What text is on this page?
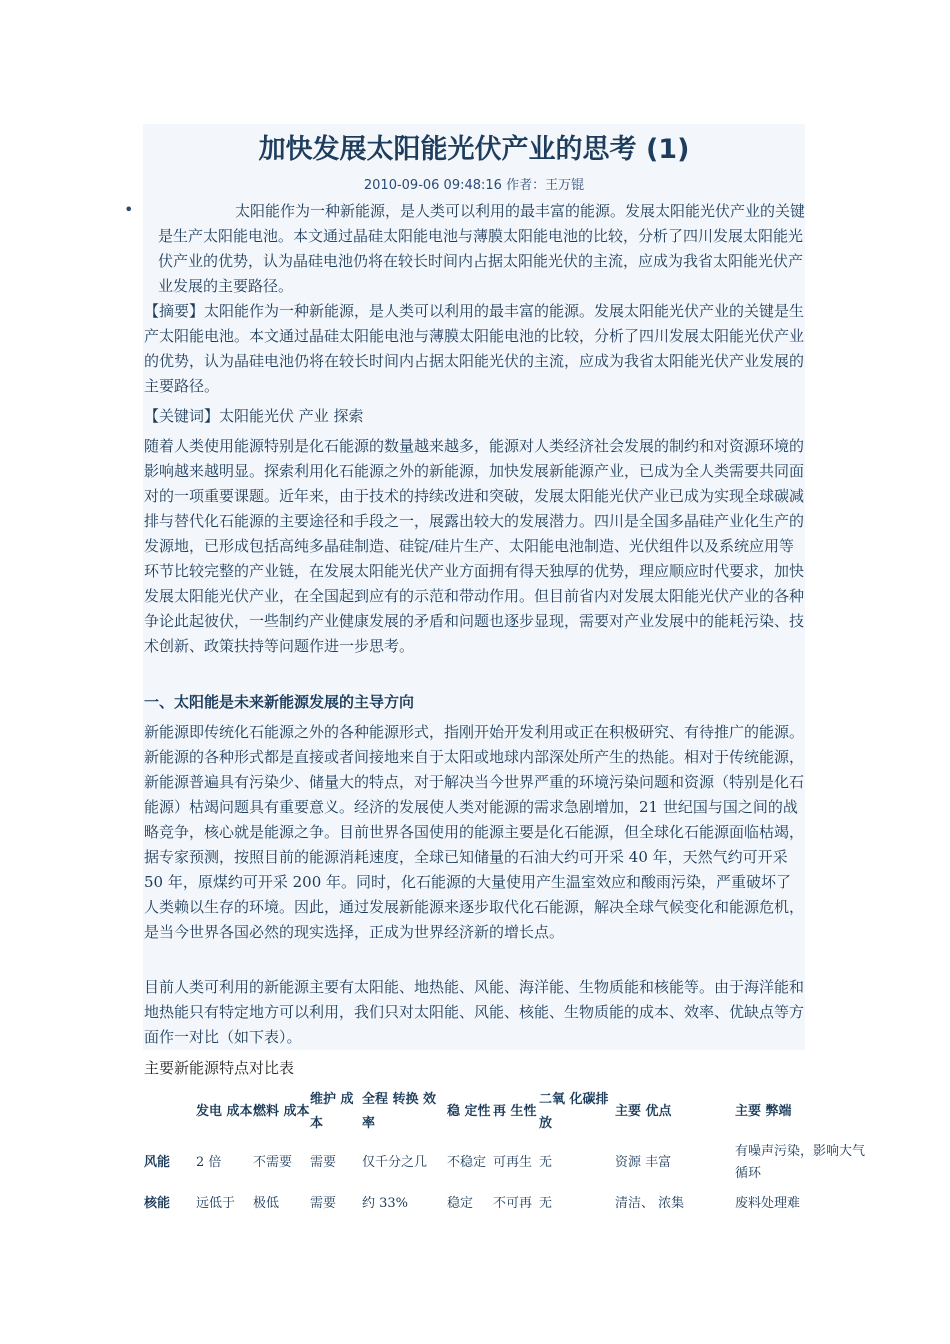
加快发展太阳能光伏产业的思考 (1)
2010-09-06 09:48:16 作者：王万锟
•	太阳能作为一种新能源，是人类可以利用的最丰富的能源。发展太阳能光伏产业的关键是生产太阳能电池。本文通过晶硅太阳能电池与薄膜太阳能电池的比较，分析了四川发展太阳能光伏产业的优势，认为晶硅电池仍将在较长时间内占据太阳能光伏的主流，应成为我省太阳能光伏产业发展的主要路径。

【摘要】太阳能作为一种新能源，是人类可以利用的最丰富的能源。发展太阳能光伏产业的关键是生产太阳能电池。本文通过晶硅太阳能电池与薄膜太阳能电池的比较，分析了四川发展太阳能光伏产业的优势，认为晶硅电池仍将在较长时间内占据太阳能光伏的主流，应成为我省太阳能光伏产业发展的主要路径。

【关键词】太阳能光伏 产业 探索

随着人类使用能源特别是化石能源的数量越来越多，能源对人类经济社会发展的制约和对资源环境的影响越来越明显。探索利用化石能源之外的新能源，加快发展新能源产业，已成为全人类需要共同面对的一项重要课题。近年来，由于技术的持续改进和突破，发展太阳能光伏产业已成为实现全球碳减排与替代化石能源的主要途径和手段之一，展露出较大的发展潜力。四川是全国多晶硅产业化生产的发源地，已形成包括高纯多晶硅制造、硅锭/硅片生产、太阳能电池制造、光伏组件以及系统应用等环节比较完整的产业链，在发展太阳能光伏产业方面拥有得天独厚的优势，理应顺应时代要求，加快发展太阳能光伏产业，在全国起到应有的示范和带动作用。但目前省内对发展太阳能光伏产业的各种争论此起彼伏，一些制约产业健康发展的矛盾和问题也逐步显现，需要对产业发展中的能耗污染、技术创新、政策扶持等问题作进一步思考。

一、太阳能是未来新能源发展的主导方向

新能源即传统化石能源之外的各种能源形式，指刚开始开发利用或正在积极研究、有待推广的能源。新能源的各种形式都是直接或者间接地来自于太阳或地球内部深处所产生的热能。相对于传统能源，新能源普遍具有污染少、储量大的特点，对于解决当今世界严重的环境污染问题和资源（特别是化石能源）枯竭问题具有重要意义。经济的发展使人类对能源的需求急剧增加，21 世纪国与国之间的战略竞争，核心就是能源之争。目前世界各国使用的能源主要是化石能源，但全球化石能源面临枯竭，据专家预测，按照目前的能源消耗速度，全球已知储量的石油大约可开采 40 年，天然气约可开采 50 年，原煤约可开采 200 年。同时，化石能源的大量使用产生温室效应和酸雨污染，严重破坏了人类赖以生存的环境。因此，通过发展新能源来逐步取代化石能源，解决全球气候变化和能源危机，是当今世界各国必然的现实选择，正成为世界经济新的增长点。

目前人类可利用的新能源主要有太阳能、地热能、风能、海洋能、生物质能和核能等。由于海洋能和地热能只有特定地方可以利用，我们只对太阳能、风能、核能、生物质能的成本、效率、优缺点等方面作一对比（如下表）。

主要新能源特点对比表
	发电 成本	燃料 成本	维护 成本	全程 转换 效率	稳 定性	再 生性	二氧 化碳排放	主要 优点	主要 弊端
风能	2 倍	不需要	需要	仅千分之几	不稳定	可再生	无	资源 丰富	有噪声污染，影响大气循环
核能	远低于	极低	需要	约 33%	稳定	不可再	无	清洁、 浓集	废料处理难
